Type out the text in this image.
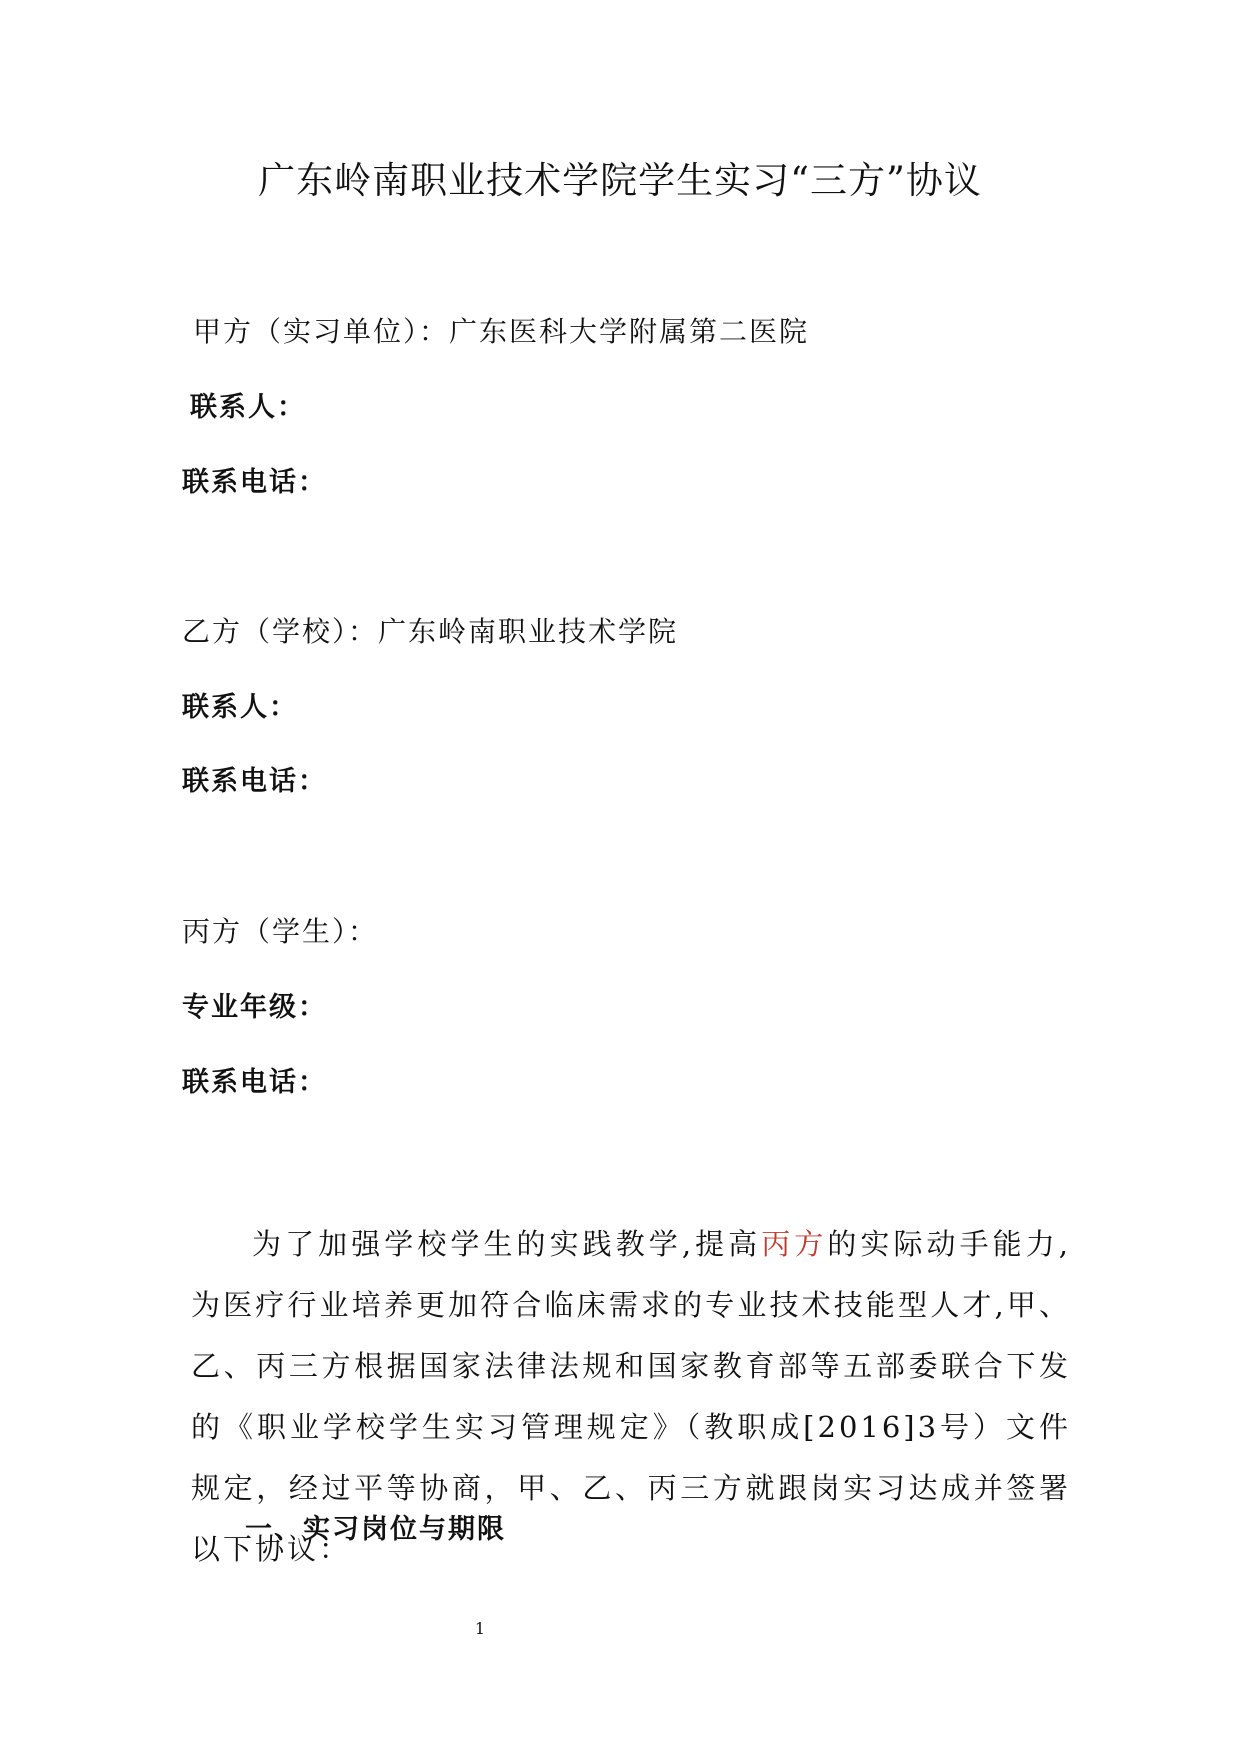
广东岭南职业技术学院学生实习“三方”协议
甲方（实习单位）：广东医科大学附属第二医院
联系人：
联系电话：
乙方（学校）：广东岭南职业技术学院
联系人：
联系电话：
丙方（学生）：
专业年级：
联系电话：
为了加强学校学生的实践教学,提高丙方的实际动手能力,为医疗行业培养更加符合临床需求的专业技术技能型人才,甲、乙、丙三方根据国家法律法规和国家教育部等五部委联合下发的《职业学校学生实习管理规定》（教职成[2016]3号）文件规定，经过平等协商，甲、乙、丙三方就跟岗实习达成并签署以下协议：
一、实习岗位与期限
1
